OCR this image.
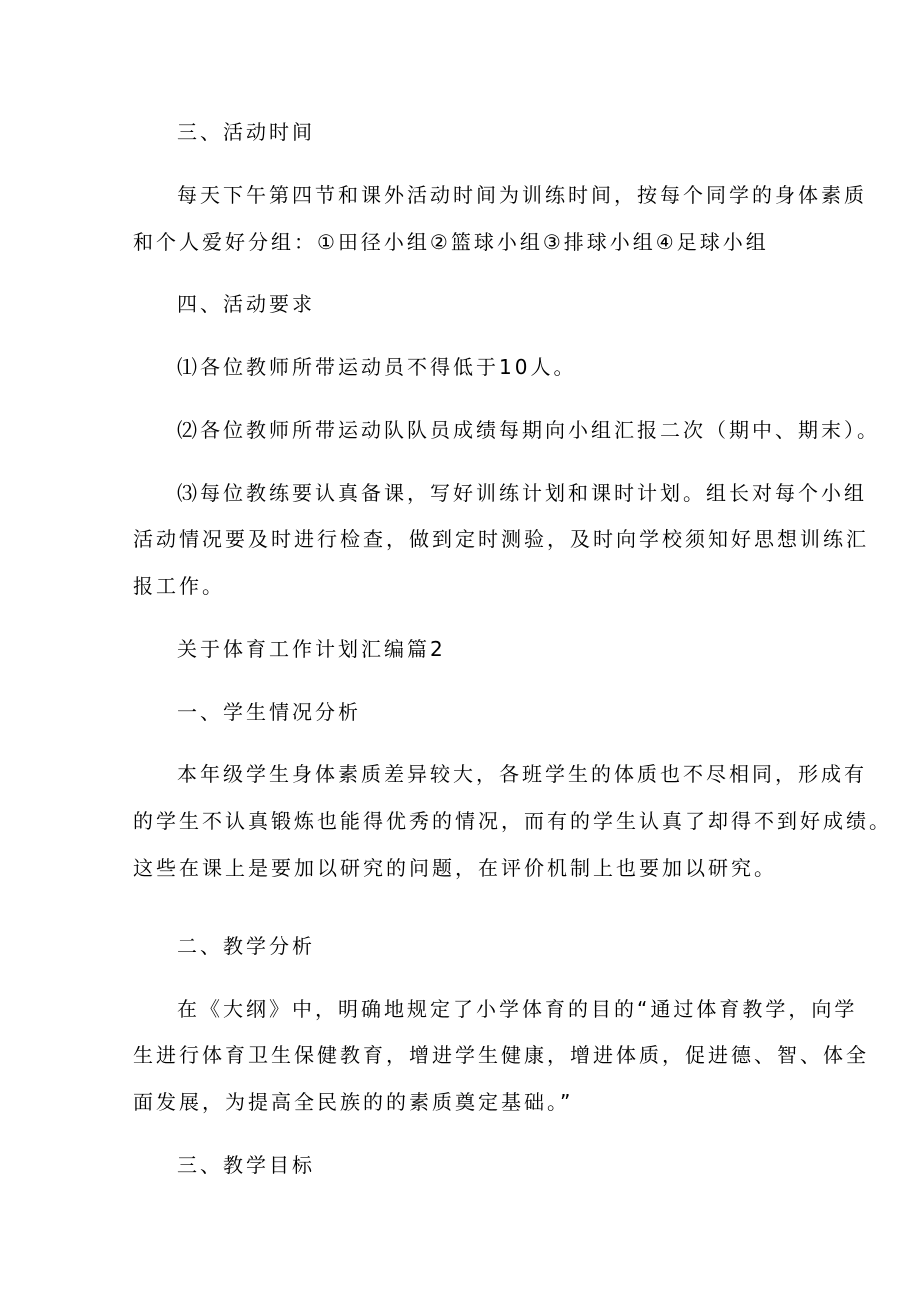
三、活动时间
每天下午第四节和课外活动时间为训练时间，按每个同学的身体素质
和个人爱好分组：①田径小组②篮球小组③排球小组④足球小组
四、活动要求
⑴各位教师所带运动员不得低于10人。
⑵各位教师所带运动队队员成绩每期向小组汇报二次（期中、期末）。
⑶每位教练要认真备课，写好训练计划和课时计划。组长对每个小组
活动情况要及时进行检查，做到定时测验，及时向学校须知好思想训练汇
报工作。
关于体育工作计划汇编篇2
一、学生情况分析
本年级学生身体素质差异较大，各班学生的体质也不尽相同，形成有
的学生不认真锻炼也能得优秀的情况，而有的学生认真了却得不到好成绩。
这些在课上是要加以研究的问题，在评价机制上也要加以研究。
二、教学分析
在《大纲》中，明确地规定了小学体育的目的“通过体育教学，向学
生进行体育卫生保健教育，增进学生健康，增进体质，促进德、智、体全
面发展，为提高全民族的的素质奠定基础。”
三、教学目标
